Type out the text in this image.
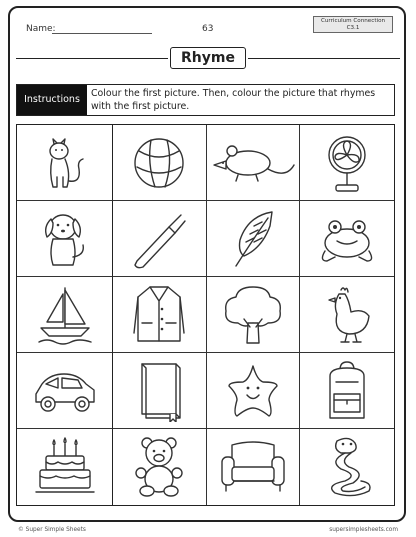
Name:	63
Curriculum Connection
C3.1
Rhyme
Instructions
Colour the first picture. Then, colour the picture that rhymes with the first picture.
© Super Simple Sheets	supersimplesheets.com
